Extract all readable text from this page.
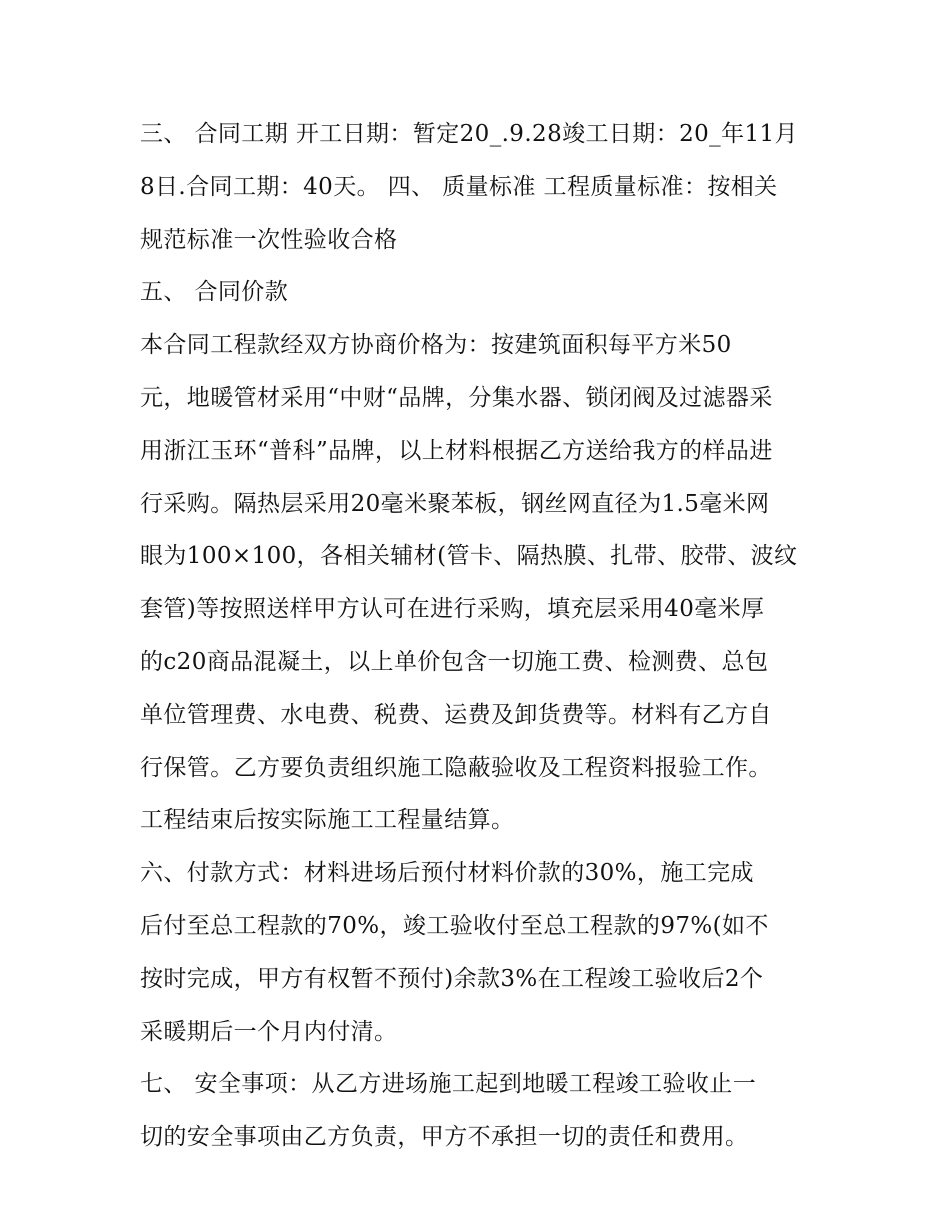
三、 合同工期 开工日期：暂定20_.9.28竣工日期：20_年11月
8日.合同工期：40天。 四、 质量标准 工程质量标准：按相关
规范标准一次性验收合格

五、 合同价款

本合同工程款经双方协商价格为：按建筑面积每平方米50
元，地暖管材采用“中财“品牌，分集水器、锁闭阀及过滤器采
用浙江玉环“普科”品牌，以上材料根据乙方送给我方的样品进
行采购。隔热层采用20毫米聚苯板，钢丝网直径为1.5毫米网
眼为100×100，各相关辅材(管卡、隔热膜、扎带、胶带、波纹
套管)等按照送样甲方认可在进行采购，填充层采用40毫米厚
的c20商品混凝土，以上单价包含一切施工费、检测费、总包
单位管理费、水电费、税费、运费及卸货费等。材料有乙方自
行保管。乙方要负责组织施工隐蔽验收及工程资料报验工作。
工程结束后按实际施工工程量结算。

六、付款方式：材料进场后预付材料价款的30%，施工完成
后付至总工程款的70%，竣工验收付至总工程款的97%(如不
按时完成，甲方有权暂不预付)余款3%在工程竣工验收后2个
采暖期后一个月内付清。

七、 安全事项：从乙方进场施工起到地暖工程竣工验收止一
切的安全事项由乙方负责，甲方不承担一切的责任和费用。
